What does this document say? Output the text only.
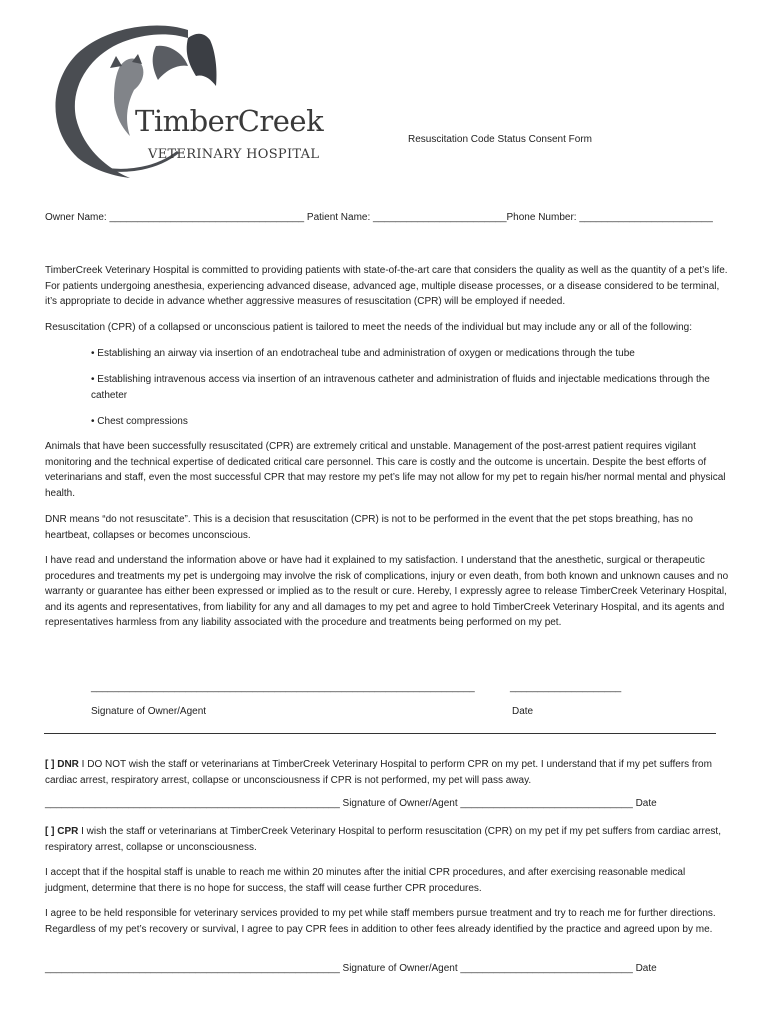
TimberCreek
VETERINARY HOSPITAL
Resuscitation Code Status Consent Form
Owner Name: ___________________________________ Patient Name: ________________________Phone Number: ________________________
TimberCreek Veterinary Hospital is committed to providing patients with state-of-the-art care that considers the quality as well as the quantity of a pet’s life. For patients undergoing anesthesia, experiencing advanced disease, advanced age, multiple disease processes, or a disease considered to be terminal, it’s appropriate to decide in advance whether aggressive measures of resuscitation (CPR) will be employed if needed.
Resuscitation (CPR) of a collapsed or unconscious patient is tailored to meet the needs of the individual but may include any or all of the following:
• Establishing an airway via insertion of an endotracheal tube and administration of oxygen or medications through the tube
• Establishing intravenous access via insertion of an intravenous catheter and administration of fluids and injectable medications through the catheter
• Chest compressions
Animals that have been successfully resuscitated (CPR) are extremely critical and unstable. Management of the post-arrest patient requires vigilant monitoring and the technical expertise of dedicated critical care personnel. This care is costly and the outcome is uncertain. Despite the best efforts of veterinarians and staff, even the most successful CPR that may restore my pet’s life may not allow for my pet to regain his/her normal mental and physical health.
DNR means “do not resuscitate”. This is a decision that resuscitation (CPR) is not to be performed in the event that the pet stops breathing, has no heartbeat, collapses or becomes unconscious.
I have read and understand the information above or have had it explained to my satisfaction. I understand that the anesthetic, surgical or therapeutic procedures and treatments my pet is undergoing may involve the risk of complications, injury or even death, from both known and unknown causes and no warranty or guarantee has either been expressed or implied as to the result or cure. Hereby, I expressly agree to release TimberCreek Veterinary Hospital, and its agents and representatives, from liability for any and all damages to my pet and agree to hold TimberCreek Veterinary Hospital, and its agents and representatives harmless from any liability associated with the procedure and treatments being performed on my pet.
_____________________________________________________________________	____________________
Signature of Owner/Agent	Date
[ ] DNR I DO NOT wish the staff or veterinarians at TimberCreek Veterinary Hospital to perform CPR on my pet. I understand that if my pet suffers from cardiac arrest, respiratory arrest, collapse or unconsciousness if CPR is not performed, my pet will pass away.
_____________________________________________________ Signature of Owner/Agent _______________________________ Date
[ ] CPR I wish the staff or veterinarians at TimberCreek Veterinary Hospital to perform resuscitation (CPR) on my pet if my pet suffers from cardiac arrest, respiratory arrest, collapse or unconsciousness.
I accept that if the hospital staff is unable to reach me within 20 minutes after the initial CPR procedures, and after exercising reasonable medical judgment, determine that there is no hope for success, the staff will cease further CPR procedures.
I agree to be held responsible for veterinary services provided to my pet while staff members pursue treatment and try to reach me for further directions. Regardless of my pet’s recovery or survival, I agree to pay CPR fees in addition to other fees already identified by the practice and agreed upon by me.
_____________________________________________________ Signature of Owner/Agent _______________________________ Date
